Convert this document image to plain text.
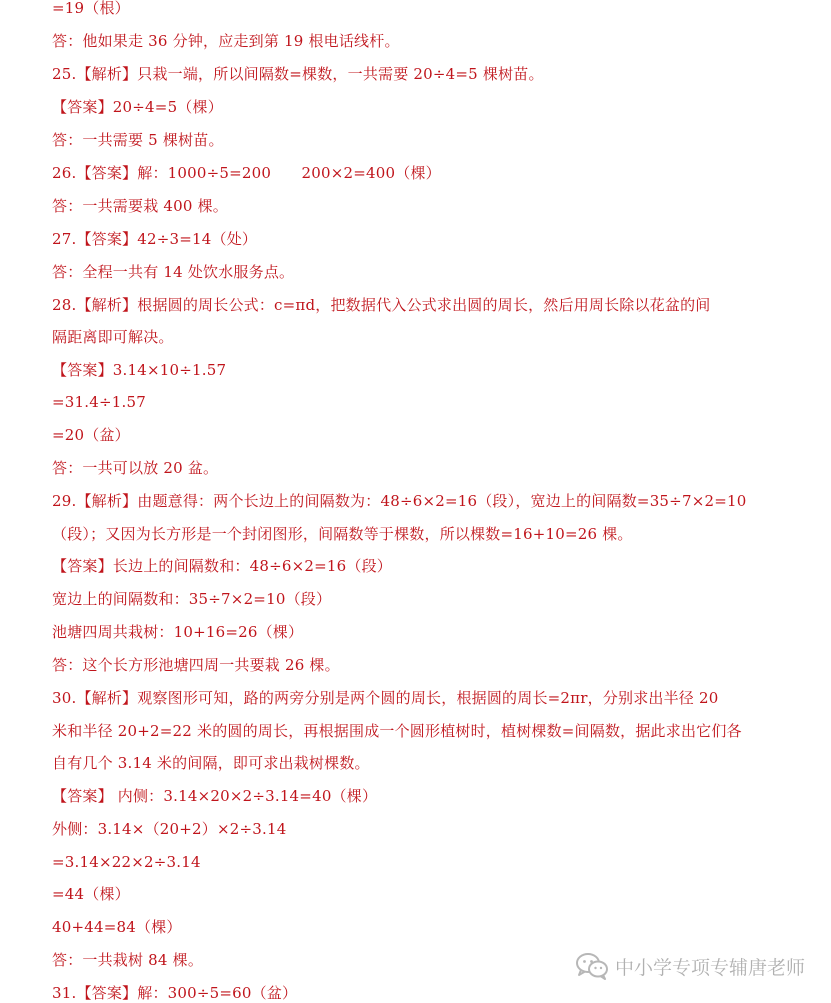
=19（根）
答：他如果走 36 分钟，应走到第 19 根电话线杆。
25.【解析】只栽一端，所以间隔数=棵数，一共需要 20÷4=5 棵树苗。
【答案】20÷4=5（棵）
答：一共需要 5 棵树苗。
26.【答案】解：1000÷5=200　　200×2=400（棵）
答：一共需要栽 400 棵。
27.【答案】42÷3=14（处）
答：全程一共有 14 处饮水服务点。
28.【解析】根据圆的周长公式：c=πd，把数据代入公式求出圆的周长，然后用周长除以花盆的间
隔距离即可解决。
【答案】3.14×10÷1.57
=31.4÷1.57
=20（盆）
答：一共可以放 20 盆。
29.【解析】由题意得：两个长边上的间隔数为：48÷6×2=16（段），宽边上的间隔数=35÷7×2=10
（段）；又因为长方形是一个封闭图形，间隔数等于棵数，所以棵数=16+10=26 棵。
【答案】长边上的间隔数和：48÷6×2=16（段）
宽边上的间隔数和：35÷7×2=10（段）
池塘四周共栽树：10+16=26（棵）
答：这个长方形池塘四周一共要栽 26 棵。
30.【解析】观察图形可知，路的两旁分别是两个圆的周长，根据圆的周长=2πr，分别求出半径 20
米和半径 20+2=22 米的圆的周长，再根据围成一个圆形植树时，植树棵数=间隔数，据此求出它们各
自有几个 3.14 米的间隔，即可求出栽树棵数。
【答案】 内侧：3.14×20×2÷3.14=40（棵）
外侧：3.14×（20+2）×2÷3.14
=3.14×22×2÷3.14
=44（棵）
40+44=84（棵）
答：一共栽树 84 棵。
31.【答案】解：300÷5=60（盆）
中小学专项专辅唐老师
